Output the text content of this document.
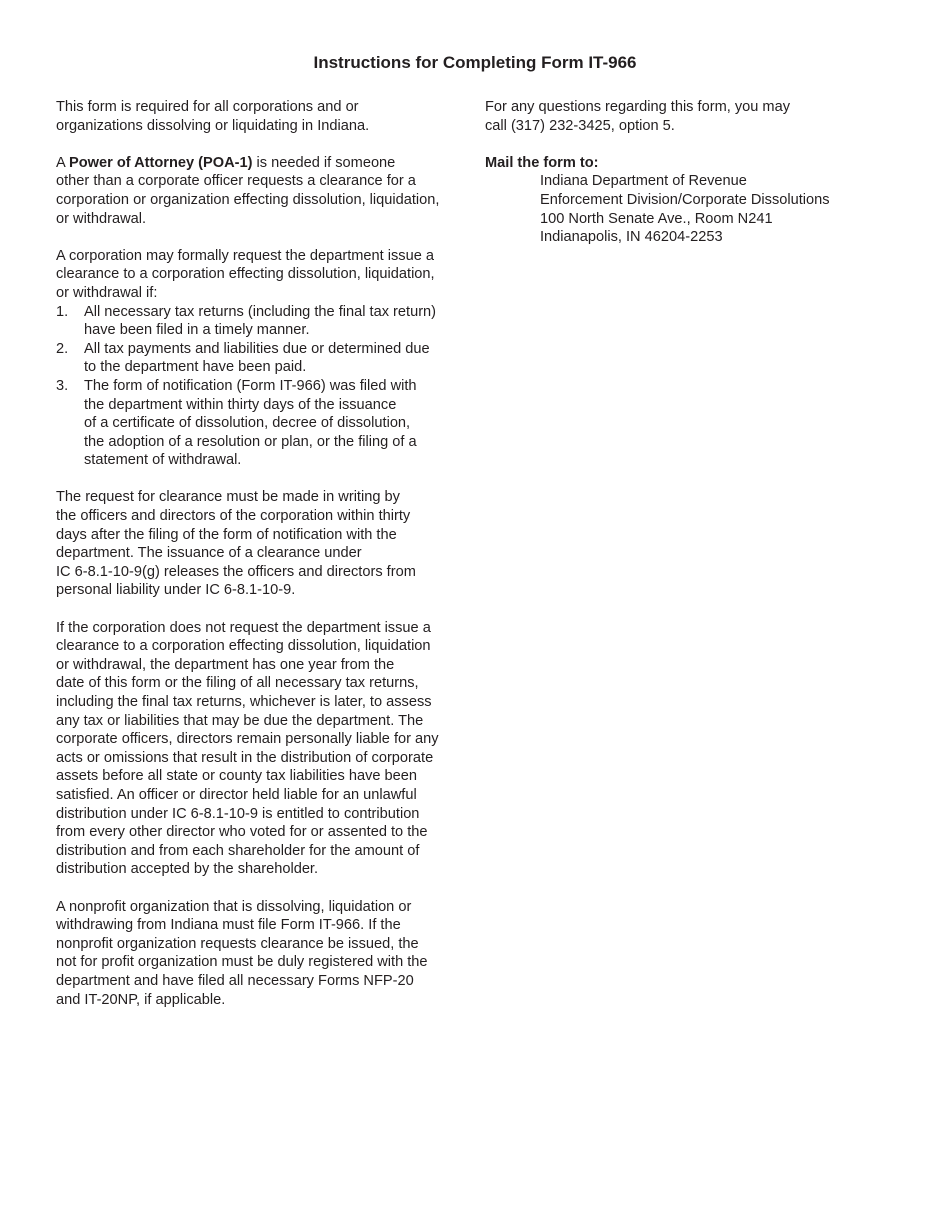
Instructions for Completing Form IT-966

This form is required for all corporations and or
organizations dissolving or liquidating in Indiana.

A Power of Attorney (POA-1) is needed if someone
other than a corporate officer requests a clearance for a
corporation or organization effecting dissolution, liquidation,
or withdrawal.

A corporation may formally request the department issue a
clearance to a corporation effecting dissolution, liquidation,
or withdrawal if:

1. All necessary tax returns (including the final tax return)
have been filed in a timely manner.
2. All tax payments and liabilities due or determined due
to the department have been paid.
3. The form of notification (Form IT-966) was filed with
the department within thirty days of the issuance
of a certificate of dissolution, decree of dissolution,
the adoption of a resolution or plan, or the filing of a
statement of withdrawal.

The request for clearance must be made in writing by
the officers and directors of the corporation within thirty
days after the filing of the form of notification with the
department. The issuance of a clearance under
IC 6-8.1-10-9(g) releases the officers and directors from
personal liability under IC 6-8.1-10-9.

If the corporation does not request the department issue a
clearance to a corporation effecting dissolution, liquidation
or withdrawal, the department has one year from the
date of this form or the filing of all necessary tax returns,
including the final tax returns, whichever is later, to assess
any tax or liabilities that may be due the department. The
corporate officers, directors remain personally liable for any
acts or omissions that result in the distribution of corporate
assets before all state or county tax liabilities have been
satisfied. An officer or director held liable for an unlawful
distribution under IC 6-8.1-10-9 is entitled to contribution
from every other director who voted for or assented to the
distribution and from each shareholder for the amount of
distribution accepted by the shareholder.

A nonprofit organization that is dissolving, liquidation or
withdrawing from Indiana must file Form IT-966. If the
nonprofit organization requests clearance be issued, the
not for profit organization must be duly registered with the
department and have filed all necessary Forms NFP-20
and IT-20NP, if applicable.

For any questions regarding this form, you may
call (317) 232-3425, option 5.

Mail the form to:

Indiana Department of Revenue
Enforcement Division/Corporate Dissolutions
100 North Senate Ave., Room N241
Indianapolis, IN 46204-2253
